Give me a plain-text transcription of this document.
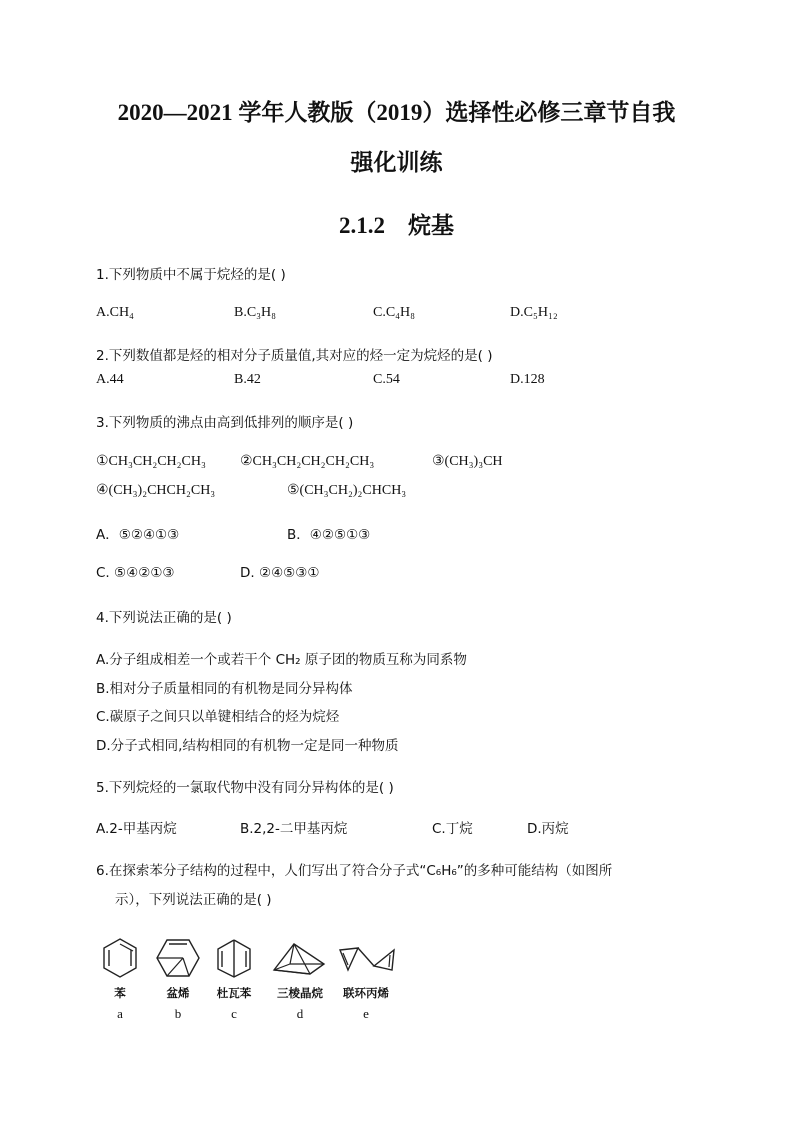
2020—2021 学年人教版（2019）选择性必修三章节自我
强化训练
2.1.2　烷基
1.下列物质中不属于烷烃的是( )
A.CH₄	B.C₃H₈	C.C₄H₈	D.C₅H₁₂
2.下列数值都是烃的相对分子质量值,其对应的烃一定为烷烃的是( )
A.44	B.42	C.54	D.128
3.下列物质的沸点由高到低排列的顺序是( )
①CH₃CH₂CH₂CH₃ ②CH₃CH₂CH₂CH₂CH₃	③(CH₃)₃CH
④(CH₃)₂CHCH₂CH₃	⑤(CH₃CH₂)₂CHCH₃
A．⑤②④①③	B．④②⑤①③
C. ⑤④②①③	D. ②④⑤③①
4.下列说法正确的是( )
A.分子组成相差一个或若干个 CH₂ 原子团的物质互称为同系物
B.相对分子质量相同的有机物是同分异构体
C.碳原子之间只以单键相结合的烃为烷烃
D.分子式相同,结构相同的有机物一定是同一种物质
5.下列烷烃的一氯取代物中没有同分异构体的是( )
A.2-甲基丙烷	B.2,2-二甲基丙烷	C.丁烷	D.丙烷
6.在探索苯分子结构的过程中，人们写出了符合分子式“C₆H₆”的多种可能结构（如图所
示），下列说法正确的是( )
苯	盆烯	杜瓦苯	三棱晶烷	联环丙烯
a	b	c	d	e
